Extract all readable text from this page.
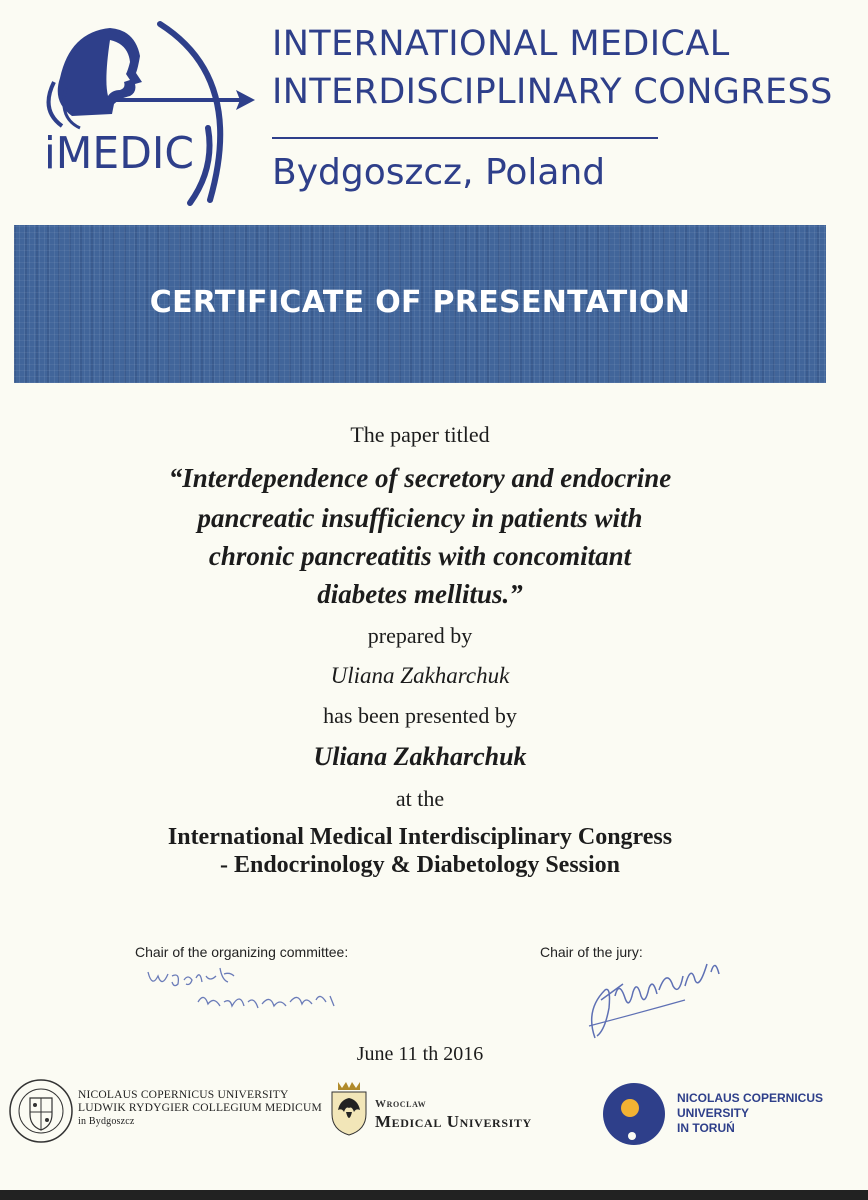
iMEDIC
INTERNATIONAL MEDICAL
INTERDISCIPLINARY CONGRESS
Bydgoszcz, Poland
CERTIFICATE OF PRESENTATION
The paper titled
“Interdependence of secretory and endocrine
pancreatic insufficiency in patients with
chronic pancreatitis with concomitant
diabetes mellitus.”
prepared by
Uliana Zakharchuk
has been presented by
Uliana Zakharchuk
at the
International Medical Interdisciplinary Congress
- Endocrinology & Diabetology Session
Chair of the organizing committee:	Chair of the jury:
June 11 th 2016
NICOLAUS COPERNICUS UNIVERSITY
LUDWIK RYDYGIER COLLEGIUM MEDICUM
in Bydgoszcz
Wroclaw
Medical University
NICOLAUS COPERNICUS
UNIVERSITY
IN TORUŃ
